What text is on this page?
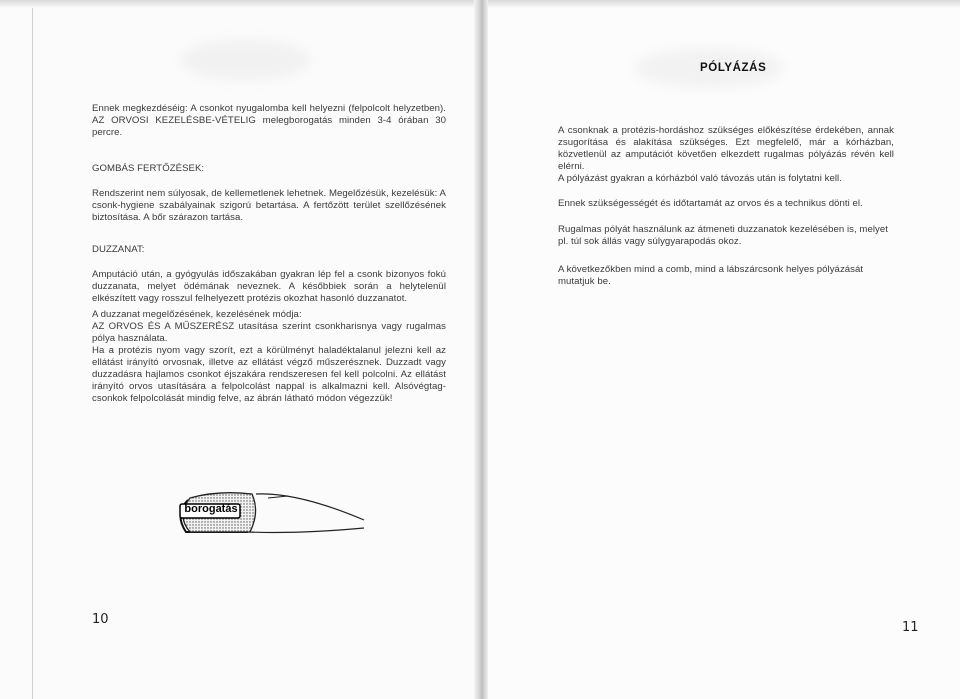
Ennek megkezdéséig: A csonkot nyugalomba kell helyezni (felpolcolt helyzetben). AZ ORVOSI KEZELÉSBE-VÉTELIG melegborogatás minden 3-4 órában 30 percre.
GOMBÁS FERTŐZÉSEK:
Rendszerint nem súlyosak, de kellemetlenek lehetnek. Megelőzésük, kezelésük: A csonk-hygiene szabályainak szigorú betartása. A fertőzött terület szellőzésének biztosítása. A bőr szárazon tartása.
DUZZANAT:
Amputáció után, a gyógyulás időszakában gyakran lép fel a csonk bizonyos fokú duzzanata, melyet ödémának neveznek. A későbbiek során a helytelenül elkészített vagy rosszul felhelyezett protézis okozhat hasonló duzzanatot.
A duzzanat megelőzésének, kezelésének módja:
AZ ORVOS ÉS A MŰSZERÉSZ utasítása szerint csonkharisnya vagy rugalmas pólya használata.
Ha a protézis nyom vagy szorít, ezt a körülményt haladéktalanul jelezni kell az ellátást irányító orvosnak, illetve az ellátást végző műszerésznek. Duzzadt vagy duzzadásra hajlamos csonkot éjszakára rendszeresen fel kell polcolni. Az ellátást irányító orvos utasítására a felpolcolást nappal is alkalmazni kell. Alsóvégtag-csonkok felpolcolását mindig felve, az ábrán látható módon végezzük!
borogatás
10
PÓLYÁZÁS
A csonknak a protézis-hordáshoz szükséges előkészítése érdekében, annak zsugorítása és alakítása szükséges. Ezt megfelelő, már a kórházban, közvetlenül az amputációt követően elkezdett rugalmas pólyázás révén kell elérni.
A pólyázást gyakran a kórházból való távozás után is folytatni kell.
Ennek szükségességét és időtartamát az orvos és a technikus dönti el.
Rugalmas pólyát használunk az átmeneti duzzanatok kezelésében is, melyet pl. túl sok állás vagy súlygyarapodás okoz.
A következőkben mind a comb, mind a lábszárcsonk helyes pólyázását mutatjuk be.
11
